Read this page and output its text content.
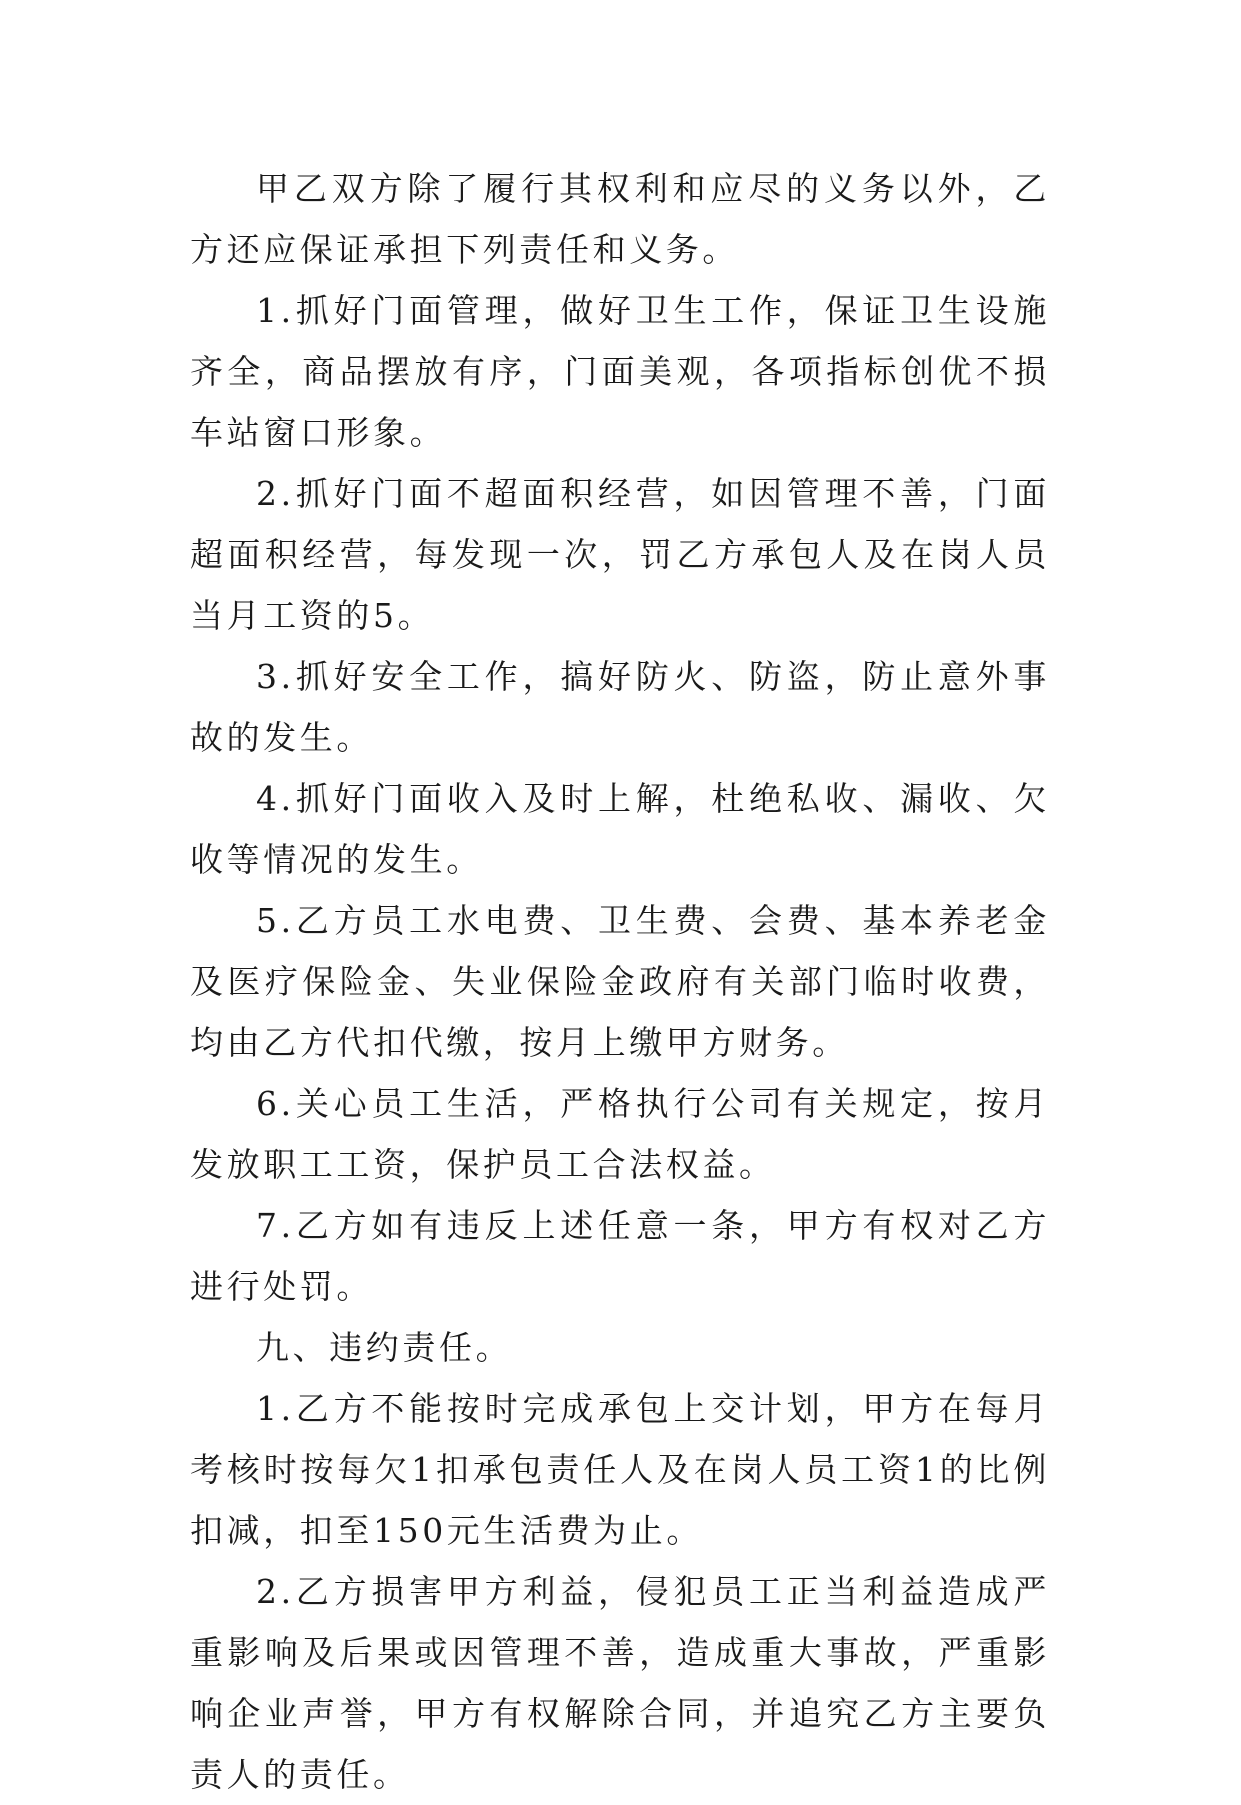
甲乙双方除了履行其权利和应尽的义务以外，乙方还应保证承担下列责任和义务。

1.抓好门面管理，做好卫生工作，保证卫生设施齐全，商品摆放有序，门面美观，各项指标创优不损车站窗口形象。

2.抓好门面不超面积经营，如因管理不善，门面超面积经营，每发现一次，罚乙方承包人及在岗人员当月工资的5。

3.抓好安全工作，搞好防火、防盗，防止意外事故的发生。

4.抓好门面收入及时上解，杜绝私收、漏收、欠收等情况的发生。

5.乙方员工水电费、卫生费、会费、基本养老金及医疗保险金、失业保险金政府有关部门临时收费，均由乙方代扣代缴，按月上缴甲方财务。

6.关心员工生活，严格执行公司有关规定，按月发放职工工资，保护员工合法权益。

7.乙方如有违反上述任意一条，甲方有权对乙方进行处罚。

九、违约责任。

1.乙方不能按时完成承包上交计划，甲方在每月考核时按每欠1扣承包责任人及在岗人员工资1的比例扣减，扣至150元生活费为止。

2.乙方损害甲方利益，侵犯员工正当利益造成严重影响及后果或因管理不善，造成重大事故，严重影响企业声誉，甲方有权解除合同，并追究乙方主要负责人的责任。
